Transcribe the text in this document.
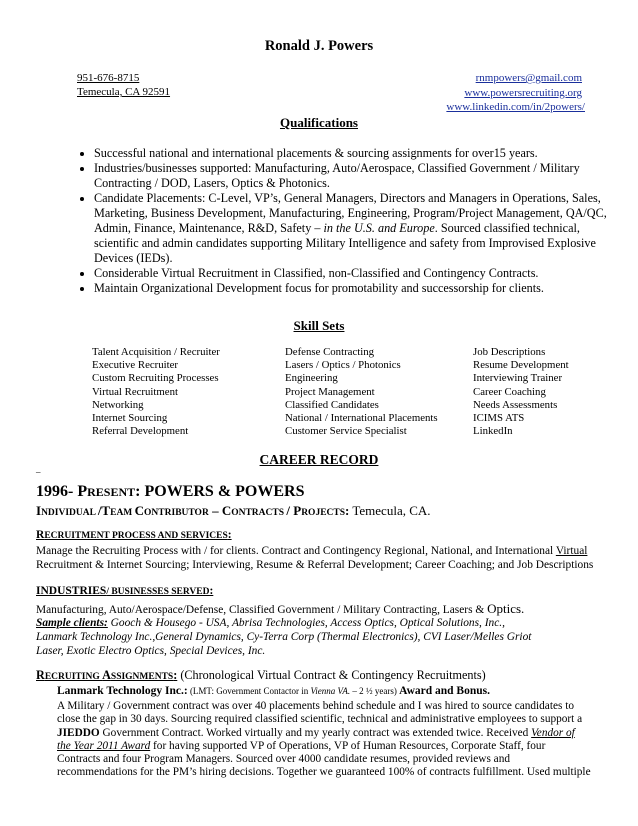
Ronald J. Powers
951-676-8715
Temecula, CA 92591
rnmpowers@gmail.com
www.powersrecruiting.org
www.linkedin.com/in/2powers/
Qualifications
• Successful national and international placements & sourcing assignments for over15 years.
• Industries/businesses supported: Manufacturing, Auto/Aerospace, Classified Government / Military Contracting / DOD, Lasers, Optics & Photonics.
• Candidate Placements: C-Level, VP’s, General Managers, Directors and Managers in Operations, Sales, Marketing, Business Development, Manufacturing, Engineering, Program/Project Management, QA/QC, Admin, Finance, Maintenance, R&D, Safety – in the U.S. and Europe. Sourced classified technical, scientific and admin candidates supporting Military Intelligence and safety from Improvised Explosive Devices (IEDs).
• Considerable Virtual Recruitment in Classified, non-Classified and Contingency Contracts.
• Maintain Organizational Development focus for promotability and successorship for clients.
Skill Sets
Talent Acquisition / Recruiter
Executive Recruiter
Custom Recruiting Processes
Virtual Recruitment
Networking
Internet Sourcing
Referral Development
Defense Contracting
Lasers / Optics / Photonics
Engineering
Project Management
Classified Candidates
National / International Placements
Customer Service Specialist
Job Descriptions
Resume Development
Interviewing Trainer
Career Coaching
Needs Assessments
ICIMS ATS
LinkedIn
CAREER RECORD
​_
1996- PRESENT: POWERS & POWERS
INDIVIDUAL /TEAM CONTRIBUTOR – CONTRACTS / PROJECTS: Temecula, CA.
RECRUITMENT PROCESS AND SERVICES:
Manage the Recruiting Process with / for clients. Contract and Contingency Regional, National, and International Virtual
Recruitment & Internet Sourcing; Interviewing, Resume & Referral Development; Career Coaching; and Job Descriptions
INDUSTRIES/ BUSINESSES SERVED:
Manufacturing, Auto/Aerospace/Defense, Classified Government / Military Contracting, Lasers & Optics.
Sample clients: Gooch & Housego - USA, Abrisa Technologies, Access Optics, Optical Solutions, Inc.,
Lanmark Technology Inc.,General Dynamics, Cy-Terra Corp (Thermal Electronics), CVI Laser/Melles Griot
Laser, Exotic Electro Optics, Special Devices, Inc.
RECRUITING ASSIGNMENTS: (Chronological Virtual Contract & Contingency Recruitments)
Lanmark Technology Inc.: (LMT: Government Contactor in Vienna VA. – 2 ½ years) Award and Bonus.
A Military / Government contract was over 40 placements behind schedule and I was hired to source candidates to
close the gap in 30 days. Sourcing required classified scientific, technical and administrative employees to support a
JIEDDO Government Contract. Worked virtually and my yearly contract was extended twice. Received Vendor of
the Year 2011 Award for having supported VP of Operations, VP of Human Resources, Corporate Staff, four
Contracts and four Program Managers. Sourced over 4000 candidate resumes, provided reviews and
recommendations for the PM’s hiring decisions. Together we guaranteed 100% of contracts fulfillment. Used multiple
